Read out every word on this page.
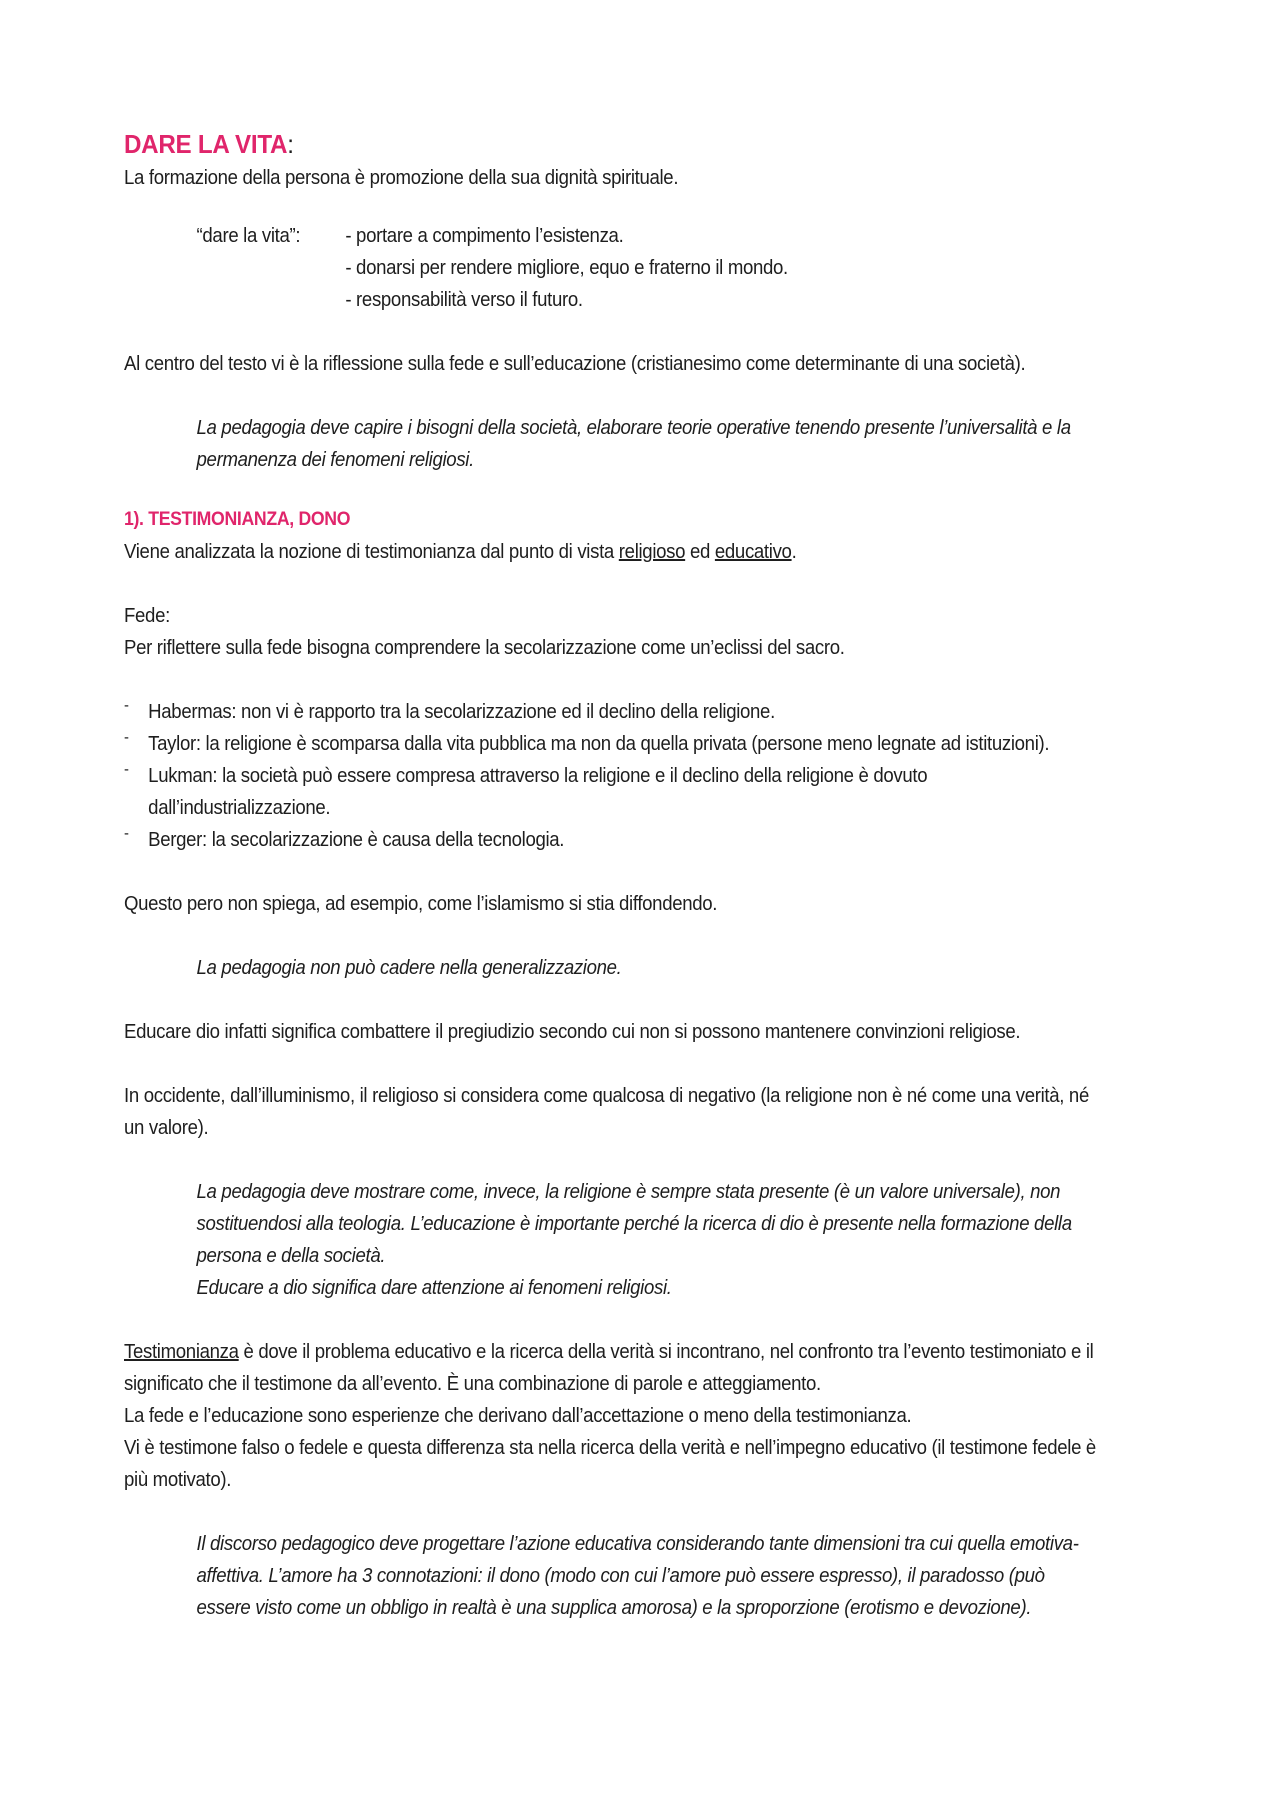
DARE LA VITA:

La formazione della persona è promozione della sua dignità spirituale.

“dare la vita”:	- portare a compimento l’esistenza.
- donarsi per rendere migliore, equo e fraterno il mondo.
- responsabilità verso il futuro.

Al centro del testo vi è la riflessione sulla fede e sull’educazione (cristianesimo come determinante di una società).

La pedagogia deve capire i bisogni della società, elaborare teorie operative tenendo presente l’universalità e la permanenza dei fenomeni religiosi.

1). TESTIMONIANZA, DONO

Viene analizzata la nozione di testimonianza dal punto di vista religioso ed educativo.

Fede:

Per riflettere sulla fede bisogna comprendere la secolarizzazione come un’eclissi del sacro.

- Habermas: non vi è rapporto tra la secolarizzazione ed il declino della religione.
- Taylor: la religione è scomparsa dalla vita pubblica ma non da quella privata (persone meno legnate ad istituzioni).
- Lukman: la società può essere compresa attraverso la religione e il declino della religione è dovuto dall’industrializzazione.
- Berger: la secolarizzazione è causa della tecnologia.

Questo pero non spiega, ad esempio, come l’islamismo si stia diffondendo.

La pedagogia non può cadere nella generalizzazione.

Educare dio infatti significa combattere il pregiudizio secondo cui non si possono mantenere convinzioni religiose.

In occidente, dall’illuminismo, il religioso si considera come qualcosa di negativo (la religione non è né come una verità, né un valore).

La pedagogia deve mostrare come, invece, la religione è sempre stata presente (è un valore universale), non sostituendosi alla teologia. L’educazione è importante perché la ricerca di dio è presente nella formazione della persona e della società.

Educare a dio significa dare attenzione ai fenomeni religiosi.

Testimonianza è dove il problema educativo e la ricerca della verità si incontrano, nel confronto tra l’evento testimoniato e il significato che il testimone da all’evento. È una combinazione di parole e atteggiamento.

La fede e l’educazione sono esperienze che derivano dall’accettazione o meno della testimonianza.

Vi è testimone falso o fedele e questa differenza sta nella ricerca della verità e nell’impegno educativo (il testimone fedele è più motivato).

Il discorso pedagogico deve progettare l’azione educativa considerando tante dimensioni tra cui quella emotiva-affettiva. L’amore ha 3 connotazioni: il dono (modo con cui l’amore può essere espresso), il paradosso (può essere visto come un obbligo in realtà è una supplica amorosa) e la sproporzione (erotismo e devozione).
